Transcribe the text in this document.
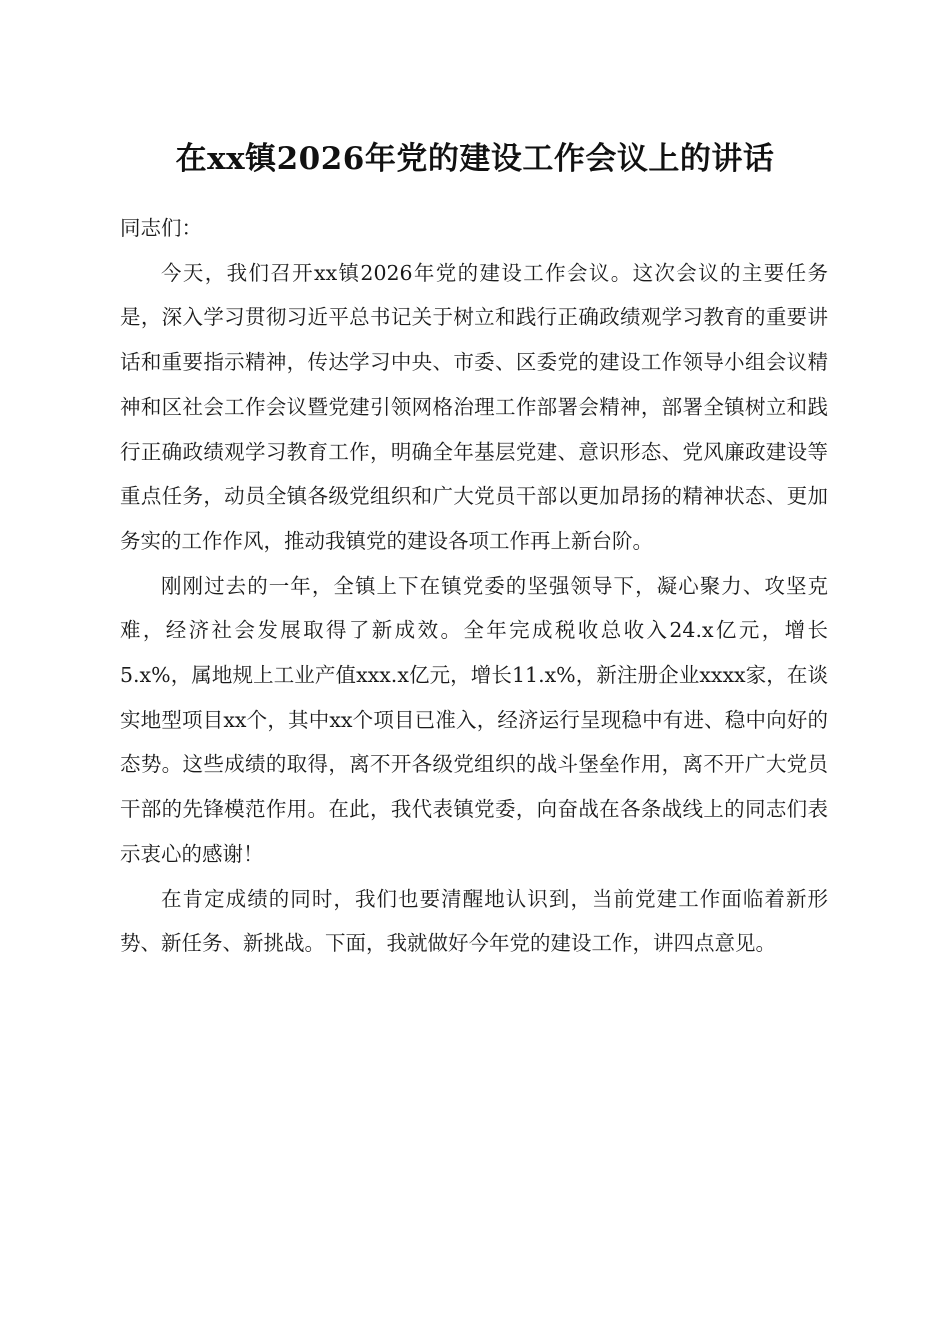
在xx镇2026年党的建设工作会议上的讲话

同志们：

今天，我们召开xx镇2026年党的建设工作会议。这次会议的主要任务是，深入学习贯彻习近平总书记关于树立和践行正确政绩观学习教育的重要讲话和重要指示精神，传达学习中央、市委、区委党的建设工作领导小组会议精神和区社会工作会议暨党建引领网格治理工作部署会精神，部署全镇树立和践行正确政绩观学习教育工作，明确全年基层党建、意识形态、党风廉政建设等重点任务，动员全镇各级党组织和广大党员干部以更加昂扬的精神状态、更加务实的工作作风，推动我镇党的建设各项工作再上新台阶。

刚刚过去的一年，全镇上下在镇党委的坚强领导下，凝心聚力、攻坚克难，经济社会发展取得了新成效。全年完成税收总收入24.x亿元，增长5.x%，属地规上工业产值xxx.x亿元，增长11.x%，新注册企业xxxx家，在谈实地型项目xx个，其中xx个项目已准入，经济运行呈现稳中有进、稳中向好的态势。这些成绩的取得，离不开各级党组织的战斗堡垒作用，离不开广大党员干部的先锋模范作用。在此，我代表镇党委，向奋战在各条战线上的同志们表示衷心的感谢！

在肯定成绩的同时，我们也要清醒地认识到，当前党建工作面临着新形势、新任务、新挑战。下面，我就做好今年党的建设工作，讲四点意见。
